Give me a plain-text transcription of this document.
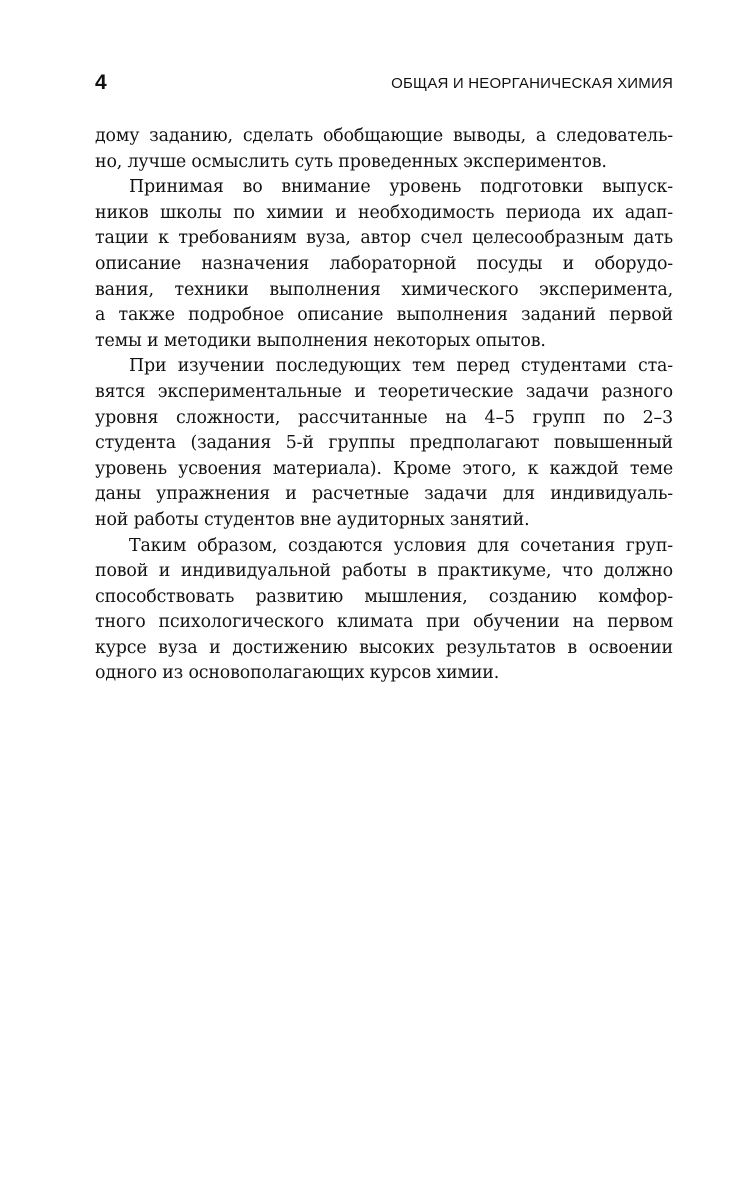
4	ОБЩАЯ И НЕОРГАНИЧЕСКАЯ ХИМИЯ
дому заданию, сделать обобщающие выводы, а следователь-
но, лучше осмыслить суть проведенных экспериментов.
Принимая во внимание уровень подготовки выпуск-
ников школы по химии и необходимость периода их адап-
тации к требованиям вуза, автор счел целесообразным дать
описание назначения лабораторной посуды и оборудо-
вания, техники выполнения химического эксперимента,
а также подробное описание выполнения заданий первой
темы и методики выполнения некоторых опытов.
При изучении последующих тем перед студентами ста-
вятся экспериментальные и теоретические задачи разного
уровня сложности, рассчитанные на 4–5 групп по 2–3
студента (задания 5-й группы предполагают повышенный
уровень усвоения материала). Кроме этого, к каждой теме
даны упражнения и расчетные задачи для индивидуаль-
ной работы студентов вне аудиторных занятий.
Таким образом, создаются условия для сочетания груп-
повой и индивидуальной работы в практикуме, что должно
способствовать развитию мышления, созданию комфор-
тного психологического климата при обучении на первом
курсе вуза и достижению высоких результатов в освоении
одного из основополагающих курсов химии.
